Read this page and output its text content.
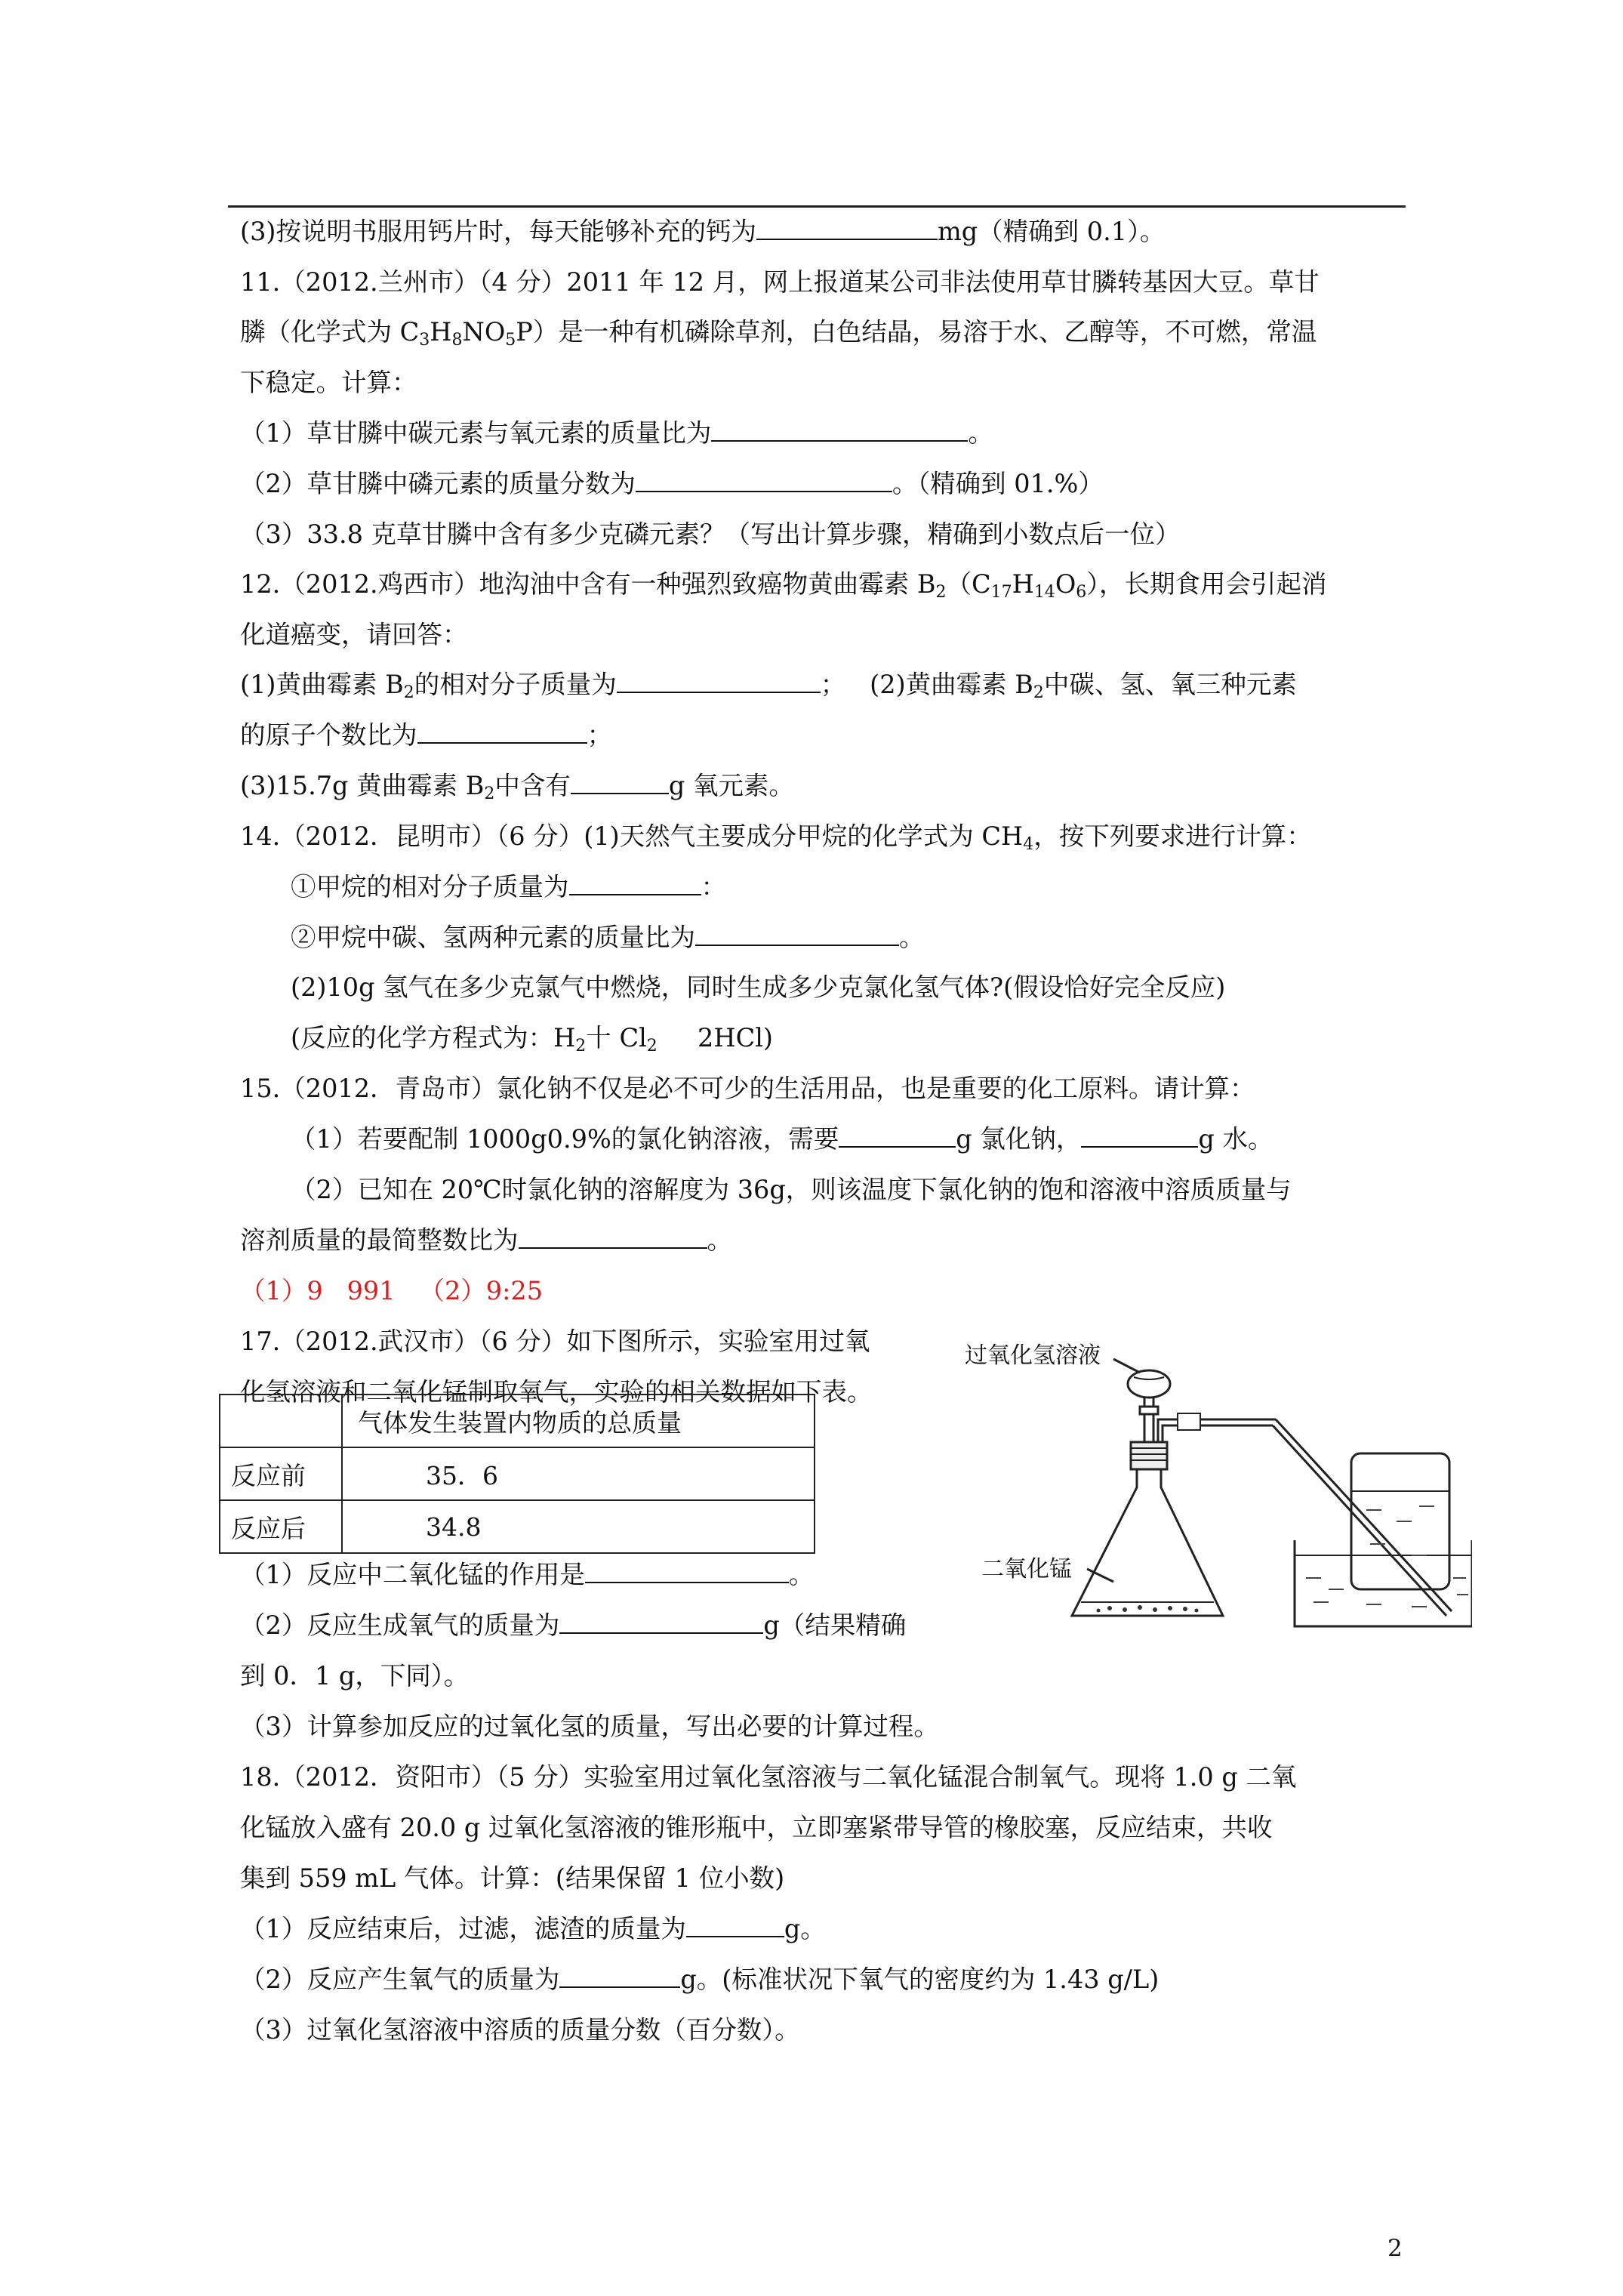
(3)按说明书服用钙片时，每天能够补充的钙为	mg（精确到 0.1）。
11.（2012.兰州市）（4 分）2011 年 12 月，网上报道某公司非法使用草甘膦转基因大豆。草甘
膦（化学式为 $C_3H_8NO_5P$）是一种有机磷除草剂，白色结晶，易溶于水、乙醇等，不可燃，常温
下稳定。计算：
（1）草甘膦中碳元素与氧元素的质量比为	。
（2）草甘膦中磷元素的质量分数为	。（精确到 01.%）
（3）33.8 克草甘膦中含有多少克磷元素？（写出计算步骤，精确到小数点后一位）
12.（2012.鸡西市）地沟油中含有一种强烈致癌物黄曲霉素 $B_2(C_{17}H_{14}O_6)$，长期食用会引起消
化道癌变，请回答：
(1)黄曲霉素 $B_2$的相对分子质量为	；   (2)黄曲霉素 $B_2$中碳、氢、氧三种元素
的原子个数比为	；
(3)15.7g 黄曲霉素 $B_2$中含有	g 氧元素。
14.（2012．昆明市）（6 分）(1)天然气主要成分甲烷的化学式为 $CH_4$，按下列要求进行计算：
①甲烷的相对分子质量为	：
②甲烷中碳、氢两种元素的质量比为	。
(2)10g 氢气在多少克氯气中燃烧，同时生成多少克氯化氢气体?(假设恰好完全反应)
(反应的化学方程式为：$H_2$十 $Cl_2$     2HCl)
15.（2012．青岛市）氯化钠不仅是必不可少的生活用品，也是重要的化工原料。请计算：
（1）若要配制 1000g0.9%的氯化钠溶液，需要	g 氯化钠，	g 水。
（2）已知在 20℃时氯化钠的溶解度为 36g，则该温度下氯化钠的饱和溶液中溶质质量与
溶剂质量的最简整数比为	。
（1）9   991   （2）9:25
17.（2012.武汉市）（6 分）如下图所示，实验室用过氧
化氢溶液和二氧化锰制取氧气，实验的相关数据如下表。
	气体发生装置内物质的总质量
反应前	35．6
反应后	34.8
（1）反应中二氧化锰的作用是	。
（2）反应生成氧气的质量为	g（结果精确
到 0．1 g，下同）。
（3）计算参加反应的过氧化氢的质量，写出必要的计算过程。
过氧化氢溶液
二氧化锰
18.（2012．资阳市）（5 分）实验室用过氧化氢溶液与二氧化锰混合制氧气。现将 1.0 g 二氧
化锰放入盛有 20.0 g 过氧化氢溶液的锥形瓶中，立即塞紧带导管的橡胶塞，反应结束，共收
集到 559 mL 气体。计算：(结果保留 1 位小数)
（1）反应结束后，过滤，滤渣的质量为	g。
（2）反应产生氧气的质量为	g。(标准状况下氧气的密度约为 1.43 g/L)
（3）过氧化氢溶液中溶质的质量分数（百分数）。
2
